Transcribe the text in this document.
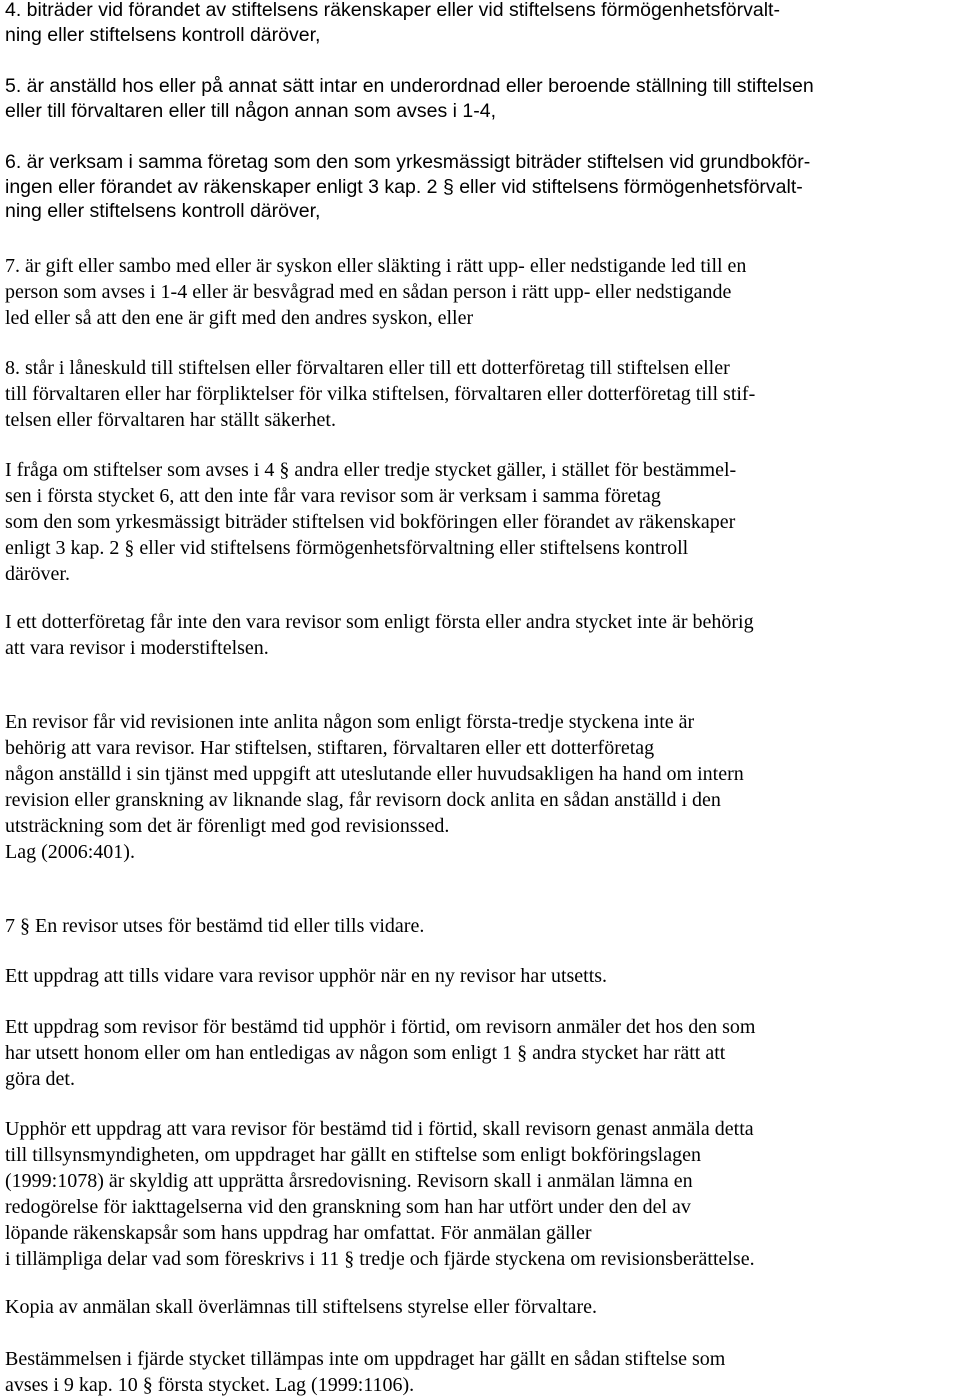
4. biträder vid förandet av stiftelsens räkenskaper eller vid stiftelsens förmögenhetsförvalt-
ning eller stiftelsens kontroll däröver,
5. är anställd hos eller på annat sätt intar en underordnad eller beroende ställning till stiftelsen
eller till förvaltaren eller till någon annan som avses i 1-4,
6. är verksam i samma företag som den som yrkesmässigt biträder stiftelsen vid grundbokför-
ingen eller förandet av räkenskaper enligt 3 kap. 2 § eller vid stiftelsens förmögenhetsförvalt-
ning eller stiftelsens kontroll däröver,
7. är gift eller sambo med eller är syskon eller släkting i rätt upp- eller nedstigande led till en
person som avses i 1-4 eller är besvågrad med en sådan person i rätt upp- eller nedstigande
led eller så att den ene är gift med den andres syskon, eller
8. står i låneskuld till stiftelsen eller förvaltaren eller till ett dotterföretag till stiftelsen eller
till förvaltaren eller har förpliktelser för vilka stiftelsen, förvaltaren eller dotterföretag till stif-
telsen eller förvaltaren har ställt säkerhet.
I fråga om stiftelser som avses i 4 § andra eller tredje stycket gäller, i stället för bestämmel-
sen i första stycket 6, att den inte får vara revisor som är verksam i samma företag
som den som yrkesmässigt biträder stiftelsen vid bokföringen eller förandet av räkenskaper
enligt 3 kap. 2 § eller vid stiftelsens förmögenhetsförvaltning eller stiftelsens kontroll
däröver.
I ett dotterföretag får inte den vara revisor som enligt första eller andra stycket inte är behörig
att vara revisor i moderstiftelsen.
En revisor får vid revisionen inte anlita någon som enligt första-tredje styckena inte är
behörig att vara revisor. Har stiftelsen, stiftaren, förvaltaren eller ett dotterföretag
någon anställd i sin tjänst med uppgift att uteslutande eller huvudsakligen ha hand om intern
revision eller granskning av liknande slag, får revisorn dock anlita en sådan anställd i den
utsträckning som det är förenligt med god revisionssed.
Lag (2006:401).
7 § En revisor utses för bestämd tid eller tills vidare.
Ett uppdrag att tills vidare vara revisor upphör när en ny revisor har utsetts.
Ett uppdrag som revisor för bestämd tid upphör i förtid, om revisorn anmäler det hos den som
har utsett honom eller om han entledigas av någon som enligt 1 § andra stycket har rätt att
göra det.
Upphör ett uppdrag att vara revisor för bestämd tid i förtid, skall revisorn genast anmäla detta
till tillsynsmyndigheten, om uppdraget har gällt en stiftelse som enligt bokföringslagen
(1999:1078) är skyldig att upprätta årsredovisning. Revisorn skall i anmälan lämna en
redogörelse för iakttagelserna vid den granskning som han har utfört under den del av
löpande räkenskapsår som hans uppdrag har omfattat. För anmälan gäller
i tillämpliga delar vad som föreskrivs i 11 § tredje och fjärde styckena om revisionsberättelse.
Kopia av anmälan skall överlämnas till stiftelsens styrelse eller förvaltare.
Bestämmelsen i fjärde stycket tillämpas inte om uppdraget har gällt en sådan stiftelse som
avses i 9 kap. 10 § första stycket. Lag (1999:1106).
